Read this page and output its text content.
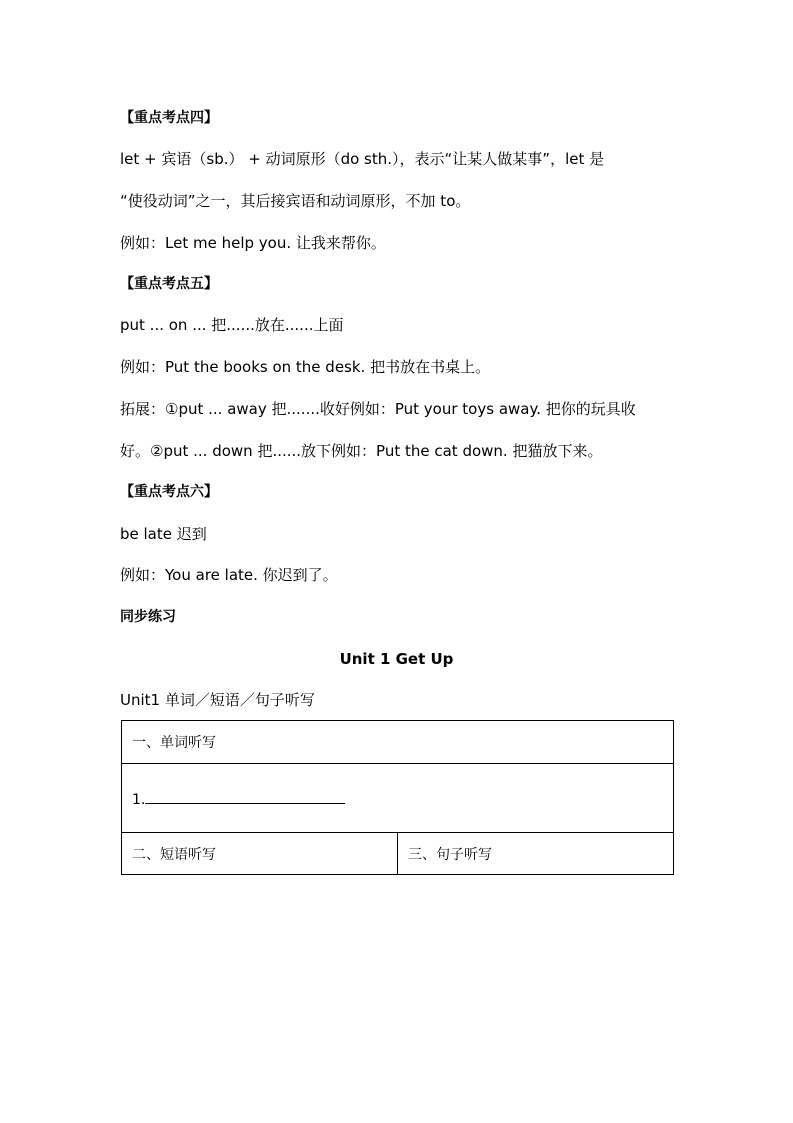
【重点考点四】
let + 宾语（sb.） + 动词原形（do sth.），表示“让某人做某事”，let 是
“使役动词”之一，其后接宾语和动词原形，不加 to。
例如：Let me help you. 让我来帮你。
【重点考点五】
put ... on ... 把......放在......上面
例如：Put the books on the desk. 把书放在书桌上。
拓展：①put ... away 把.......收好例如：Put your toys away. 把你的玩具收
好。②put ... down 把......放下例如：Put the cat down. 把猫放下来。
【重点考点六】
be late 迟到
例如：You are late. 你迟到了。
同步练习
Unit 1 Get Up
Unit1 单词／短语／句子听写
一、单词听写
1.
二、短语听写	三、句子听写
